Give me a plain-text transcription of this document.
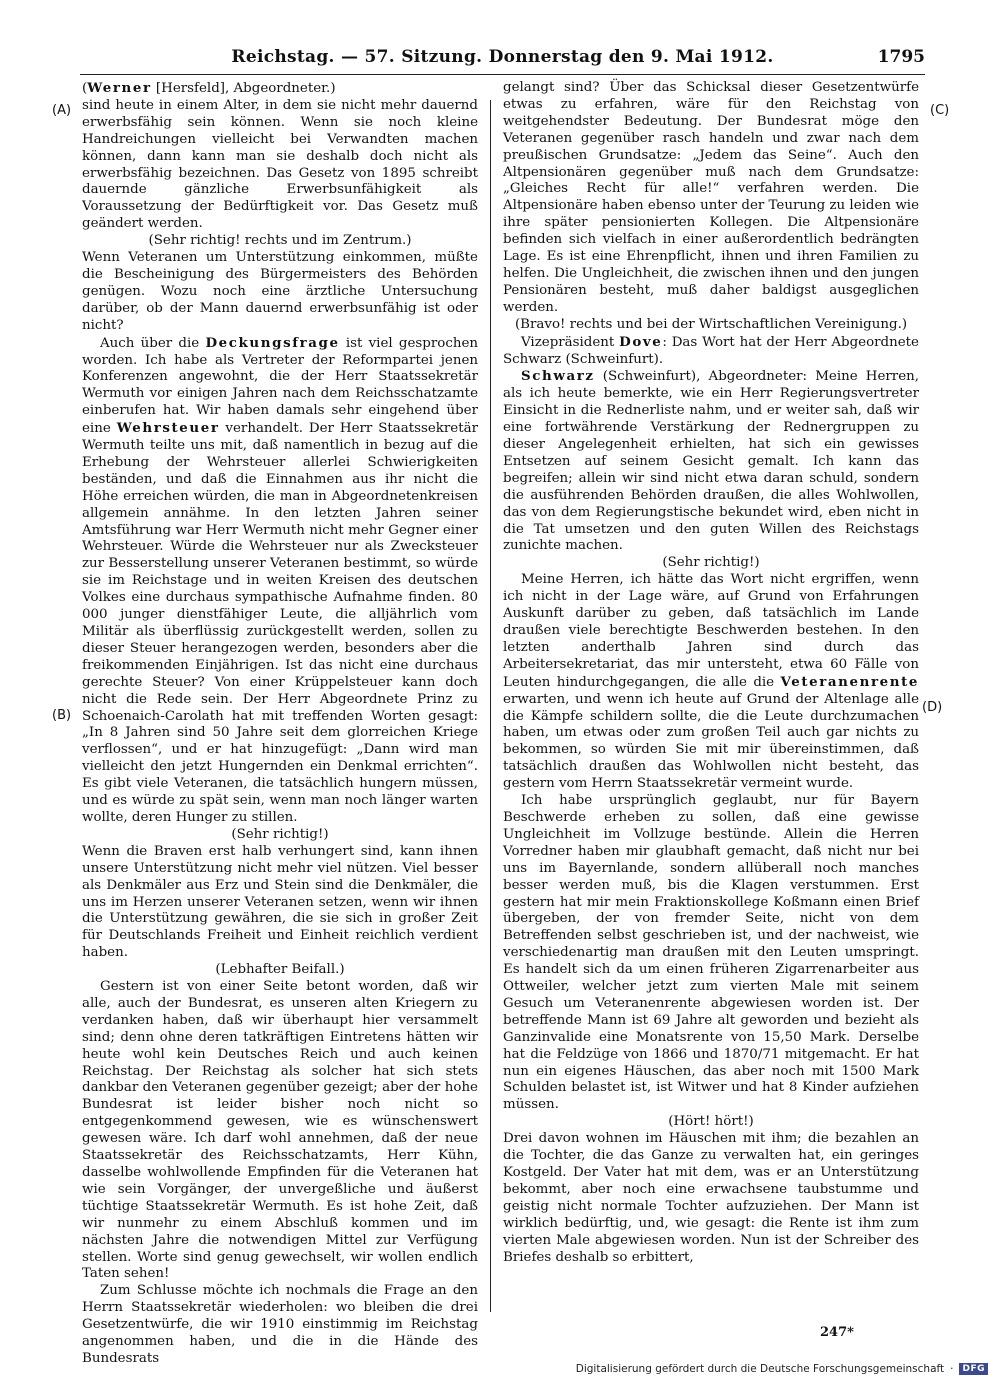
Reichstag. — 57. Sitzung. Donnerstag den 9. Mai 1912.	1795
(A)
(B)
(C)
(D)

(Werner [Hersfeld], Abgeordneter.)

sind heute in einem Alter, in dem sie nicht mehr dauernd erwerbsfähig sein können. Wenn sie noch kleine Handreichungen vielleicht bei Verwandten machen können, dann kann man sie deshalb doch nicht als erwerbsfähig bezeichnen. Das Gesetz von 1895 schreibt dauernde gänzliche Erwerbsunfähigkeit als Voraussetzung der Bedürftigkeit vor. Das Gesetz muß geändert werden.

(Sehr richtig! rechts und im Zentrum.)

Wenn Veteranen um Unterstützung einkommen, müßte die Bescheinigung des Bürgermeisters des Behörden genügen. Wozu noch eine ärztliche Untersuchung darüber, ob der Mann dauernd erwerbsunfähig ist oder nicht?

Auch über die Deckungsfrage ist viel gesprochen worden. Ich habe als Vertreter der Reformpartei jenen Konferenzen angewohnt, die der Herr Staatssekretär Wermuth vor einigen Jahren nach dem Reichsschatzamte einberufen hat. Wir haben damals sehr eingehend über eine Wehrsteuer verhandelt. Der Herr Staatssekretär Wermuth teilte uns mit, daß namentlich in bezug auf die Erhebung der Wehrsteuer allerlei Schwierigkeiten beständen, und daß die Einnahmen aus ihr nicht die Höhe erreichen würden, die man in Abgeordnetenkreisen allgemein annähme. In den letzten Jahren seiner Amtsführung war Herr Wermuth nicht mehr Gegner einer Wehrsteuer. Würde die Wehrsteuer nur als Zwecksteuer zur Besserstellung unserer Veteranen bestimmt, so würde sie im Reichstage und in weiten Kreisen des deutschen Volkes eine durchaus sympathische Aufnahme finden. 80 000 junger dienstfähiger Leute, die alljährlich vom Militär als überflüssig zurückgestellt werden, sollen zu dieser Steuer herangezogen werden, besonders aber die freikommenden Einjährigen. Ist das nicht eine durchaus gerechte Steuer? Von einer Krüppelsteuer kann doch nicht die Rede sein. Der Herr Abgeordnete Prinz zu Schoenaich-Carolath hat mit treffenden Worten gesagt: „In 8 Jahren sind 50 Jahre seit dem glorreichen Kriege verflossen“, und er hat hinzugefügt: „Dann wird man vielleicht den jetzt Hungernden ein Denkmal errichten“. Es gibt viele Veteranen, die tatsächlich hungern müssen, und es würde zu spät sein, wenn man noch länger warten wollte, deren Hunger zu stillen.

(Sehr richtig!)

Wenn die Braven erst halb verhungert sind, kann ihnen unsere Unterstützung nicht mehr viel nützen. Viel besser als Denkmäler aus Erz und Stein sind die Denkmäler, die uns im Herzen unserer Veteranen setzen, wenn wir ihnen die Unterstützung gewähren, die sie sich in großer Zeit für Deutschlands Freiheit und Einheit reichlich verdient haben.

(Lebhafter Beifall.)

Gestern ist von einer Seite betont worden, daß wir alle, auch der Bundesrat, es unseren alten Kriegern zu verdanken haben, daß wir überhaupt hier versammelt sind; denn ohne deren tatkräftigen Eintretens hätten wir heute wohl kein Deutsches Reich und auch keinen Reichstag. Der Reichstag als solcher hat sich stets dankbar den Veteranen gegenüber gezeigt; aber der hohe Bundesrat ist leider bisher noch nicht so entgegenkommend gewesen, wie es wünschenswert gewesen wäre. Ich darf wohl annehmen, daß der neue Staatssekretär des Reichsschatzamts, Herr Kühn, dasselbe wohlwollende Empfinden für die Veteranen hat wie sein Vorgänger, der unvergeßliche und äußerst tüchtige Staatssekretär Wermuth. Es ist hohe Zeit, daß wir nunmehr zu einem Abschluß kommen und im nächsten Jahre die notwendigen Mittel zur Verfügung stellen. Worte sind genug gewechselt, wir wollen endlich Taten sehen!

Zum Schlusse möchte ich nochmals die Frage an den Herrn Staatssekretär wiederholen: wo bleiben die drei Gesetzentwürfe, die wir 1910 einstimmig im Reichstag angenommen haben, und die in die Hände des Bundesrats

gelangt sind? Über das Schicksal dieser Gesetzentwürfe etwas zu erfahren, wäre für den Reichstag von weitgehendster Bedeutung. Der Bundesrat möge den Veteranen gegenüber rasch handeln und zwar nach dem preußischen Grundsatze: „Jedem das Seine“. Auch den Altpensionären gegenüber muß nach dem Grundsatze: „Gleiches Recht für alle!“ verfahren werden. Die Altpensionäre haben ebenso unter der Teurung zu leiden wie ihre später pensionierten Kollegen. Die Altpensionäre befinden sich vielfach in einer außerordentlich bedrängten Lage. Es ist eine Ehrenpflicht, ihnen und ihren Familien zu helfen. Die Ungleichheit, die zwischen ihnen und den jungen Pensionären besteht, muß daher baldigst ausgeglichen werden.

(Bravo! rechts und bei der Wirtschaftlichen Vereinigung.)

Vizepräsident Dove: Das Wort hat der Herr Abgeordnete Schwarz (Schweinfurt).

Schwarz (Schweinfurt), Abgeordneter: Meine Herren, als ich heute bemerkte, wie ein Herr Regierungsvertreter Einsicht in die Rednerliste nahm, und er weiter sah, daß wir eine fortwährende Verstärkung der Rednergruppen zu dieser Angelegenheit erhielten, hat sich ein gewisses Entsetzen auf seinem Gesicht gemalt. Ich kann das begreifen; allein wir sind nicht etwa daran schuld, sondern die ausführenden Behörden draußen, die alles Wohlwollen, das von dem Regierungstische bekundet wird, eben nicht in die Tat umsetzen und den guten Willen des Reichstags zunichte machen.

(Sehr richtig!)

Meine Herren, ich hätte das Wort nicht ergriffen, wenn ich nicht in der Lage wäre, auf Grund von Erfahrungen Auskunft darüber zu geben, daß tatsächlich im Lande draußen viele berechtigte Beschwerden bestehen. In den letzten anderthalb Jahren sind durch das Arbeitersekretariat, das mir untersteht, etwa 60 Fälle von Leuten hindurchgegangen, die alle die Veteranenrente erwarten, und wenn ich heute auf Grund der Altenlage alle die Kämpfe schildern sollte, die die Leute durchzumachen haben, um etwas oder zum großen Teil auch gar nichts zu bekommen, so würden Sie mit mir übereinstimmen, daß tatsächlich draußen das Wohlwollen nicht besteht, das gestern vom Herrn Staatssekretär vermeint wurde.

Ich habe ursprünglich geglaubt, nur für Bayern Beschwerde erheben zu sollen, daß eine gewisse Ungleichheit im Vollzuge bestünde. Allein die Herren Vorredner haben mir glaubhaft gemacht, daß nicht nur bei uns im Bayernlande, sondern allüberall noch manches besser werden muß, bis die Klagen verstummen. Erst gestern hat mir mein Fraktionskollege Koßmann einen Brief übergeben, der von fremder Seite, nicht von dem Betreffenden selbst geschrieben ist, und der nachweist, wie verschiedenartig man draußen mit den Leuten umspringt. Es handelt sich da um einen früheren Zigarrenarbeiter aus Ottweiler, welcher jetzt zum vierten Male mit seinem Gesuch um Veteranenrente abgewiesen worden ist. Der betreffende Mann ist 69 Jahre alt geworden und bezieht als Ganzinvalide eine Monatsrente von 15,50 Mark. Derselbe hat die Feldzüge von 1866 und 1870/71 mitgemacht. Er hat nun ein eigenes Häuschen, das aber noch mit 1500 Mark Schulden belastet ist, ist Witwer und hat 8 Kinder aufziehen müssen.

(Hört! hört!)

Drei davon wohnen im Häuschen mit ihm; die bezahlen an die Tochter, die das Ganze zu verwalten hat, ein geringes Kostgeld. Der Vater hat mit dem, was er an Unterstützung bekommt, aber noch eine erwachsene taubstumme und geistig nicht normale Tochter aufzuziehen. Der Mann ist wirklich bedürftig, und, wie gesagt: die Rente ist ihm zum vierten Male abgewiesen worden. Nun ist der Schreiber des Briefes deshalb so erbittert,

247*
Digitalisierung gefördert durch die Deutsche Forschungsgemeinschaft ·	DFG
